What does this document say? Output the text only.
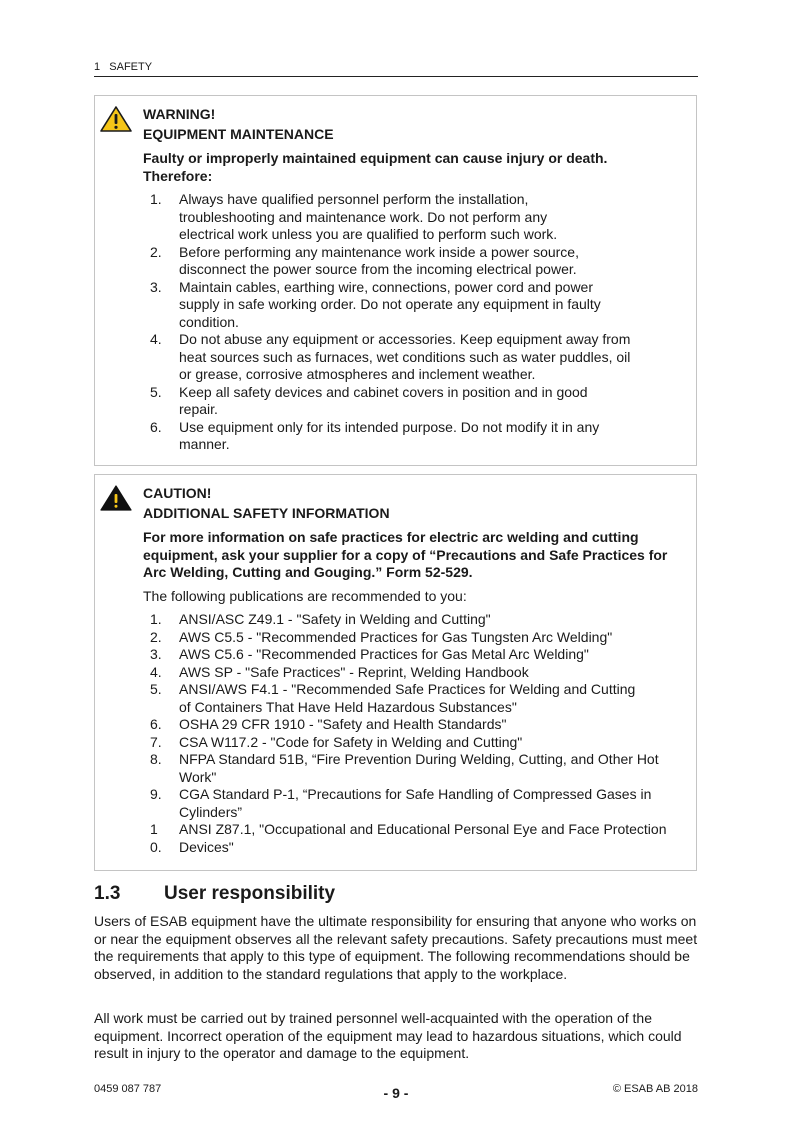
1   SAFETY
WARNING!
EQUIPMENT MAINTENANCE
Faulty or improperly maintained equipment can cause injury or death. Therefore:
1. Always have qualified personnel perform the installation, troubleshooting and maintenance work. Do not perform any electrical work unless you are qualified to perform such work.
2. Before performing any maintenance work inside a power source, disconnect the power source from the incoming electrical power.
3. Maintain cables, earthing wire, connections, power cord and power supply in safe working order. Do not operate any equipment in faulty condition.
4. Do not abuse any equipment or accessories. Keep equipment away from heat sources such as furnaces, wet conditions such as water puddles, oil or grease, corrosive atmospheres and inclement weather.
5. Keep all safety devices and cabinet covers in position and in good repair.
6. Use equipment only for its intended purpose. Do not modify it in any manner.
CAUTION!
ADDITIONAL SAFETY INFORMATION
For more information on safe practices for electric arc welding and cutting equipment, ask your supplier for a copy of “Precautions and Safe Practices for Arc Welding, Cutting and Gouging.” Form 52-529.
The following publications are recommended to you:
1. ANSI/ASC Z49.1 - "Safety in Welding and Cutting"
2. AWS C5.5 - "Recommended Practices for Gas Tungsten Arc Welding"
3. AWS C5.6 - "Recommended Practices for Gas Metal Arc Welding"
4. AWS SP - "Safe Practices" - Reprint, Welding Handbook
5. ANSI/AWS F4.1 - "Recommended Safe Practices for Welding and Cutting of Containers That Have Held Hazardous Substances"
6. OSHA 29 CFR 1910 - "Safety and Health Standards"
7. CSA W117.2 - "Code for Safety in Welding and Cutting"
8. NFPA Standard 51B, “Fire Prevention During Welding, Cutting, and Other Hot Work"
9. CGA Standard P-1, “Precautions for Safe Handling of Compressed Gases in Cylinders”
1
0.
ANSI Z87.1, "Occupational and Educational Personal Eye and Face Protection Devices"
1.3 User responsibility
Users of ESAB equipment have the ultimate responsibility for ensuring that anyone who works on or near the equipment observes all the relevant safety precautions. Safety precautions must meet the requirements that apply to this type of equipment. The following recommendations should be observed, in addition to the standard regulations that apply to the workplace.
All work must be carried out by trained personnel well-acquainted with the operation of the equipment. Incorrect operation of the equipment may lead to hazardous situations, which could result in injury to the operator and damage to the equipment.
0459 087 787	- 9 -	© ESAB AB 2018
